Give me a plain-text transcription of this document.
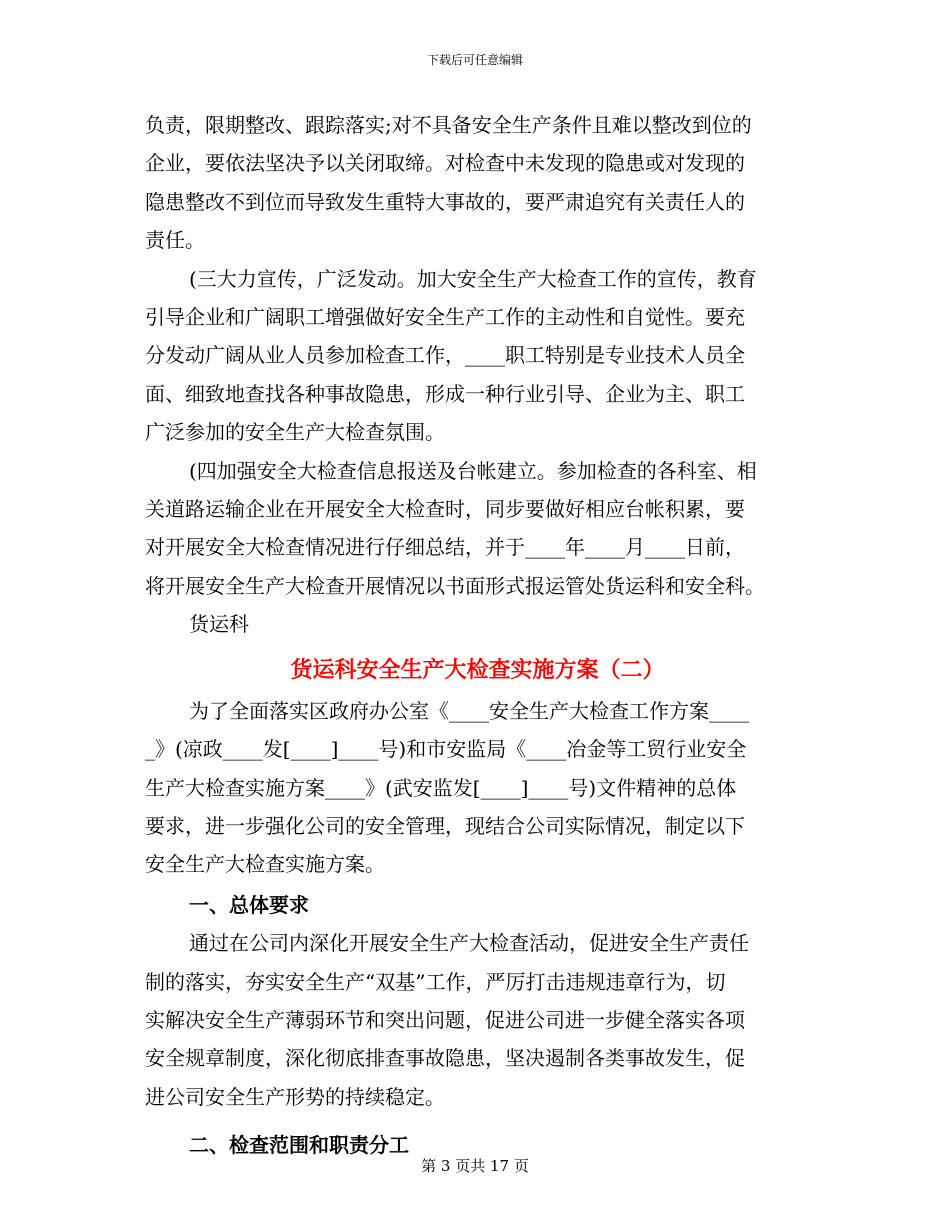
下载后可任意编辑

负责，限期整改、跟踪落实;对不具备安全生产条件且难以整改到位的

企业，要依法坚决予以关闭取缔。对检查中未发现的隐患或对发现的

隐患整改不到位而导致发生重特大事故的，要严肃追究有关责任人的

责任。

(三大力宣传，广泛发动。加大安全生产大检查工作的宣传，教育

引导企业和广阔职工增强做好安全生产工作的主动性和自觉性。要充

分发动广阔从业人员参加检查工作，____职工特别是专业技术人员全

面、细致地查找各种事故隐患，形成一种行业引导、企业为主、职工

广泛参加的安全生产大检查氛围。

(四加强安全大检查信息报送及台帐建立。参加检查的各科室、相

关道路运输企业在开展安全大检查时，同步要做好相应台帐积累，要

对开展安全大检查情况进行仔细总结，并于____年____月____日前，

将开展安全生产大检查开展情况以书面形式报运管处货运科和安全科。

货运科

货运科安全生产大检查实施方案（二）

为了全面落实区政府办公室《____安全生产大检查工作方案____

_》(凉政____发[____]____号)和市安监局《____冶金等工贸行业安全

生产大检查实施方案____》(武安监发[____]____号)文件精神的总体

要求，进一步强化公司的安全管理，现结合公司实际情况，制定以下

安全生产大检查实施方案。

一、总体要求

通过在公司内深化开展安全生产大检查活动，促进安全生产责任

制的落实，夯实安全生产“双基”工作，严厉打击违规违章行为，切

实解决安全生产薄弱环节和突出问题，促进公司进一步健全落实各项

安全规章制度，深化彻底排查事故隐患，坚决遏制各类事故发生，促

进公司安全生产形势的持续稳定。

二、检查范围和职责分工

第 3 页共 17 页
